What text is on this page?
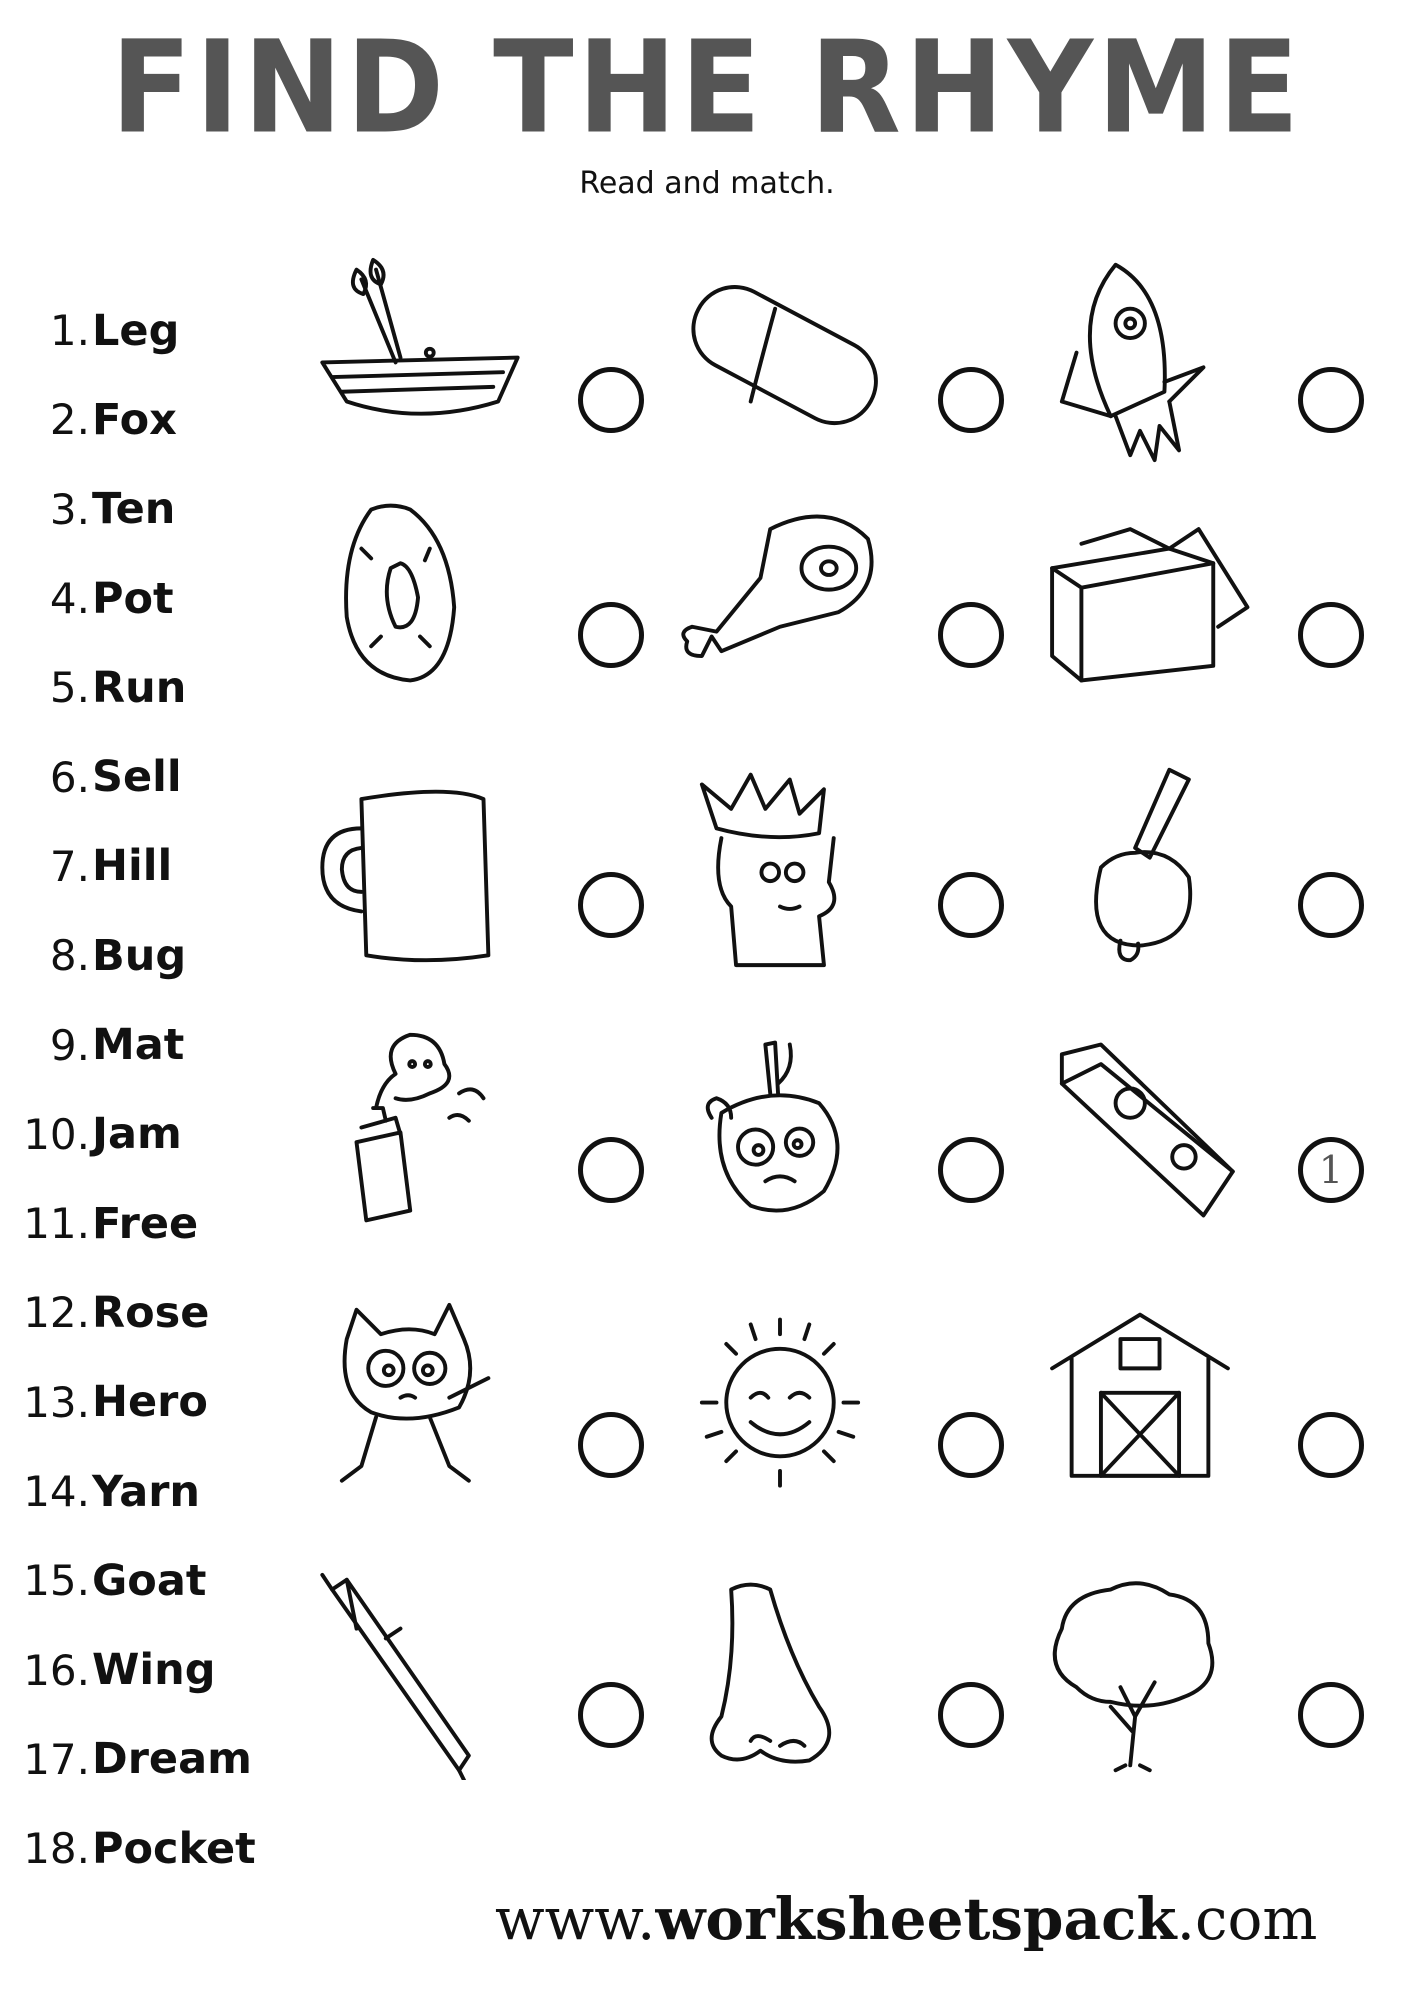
FIND THE RHYME
Read and match.
1. Leg
2. Fox
3. Ten
4. Pot
5. Run
6. Sell
7. Hill
8. Bug
9. Mat
10. Jam
11. Free
12. Rose
13. Hero
14. Yarn
15. Goat
16. Wing
17. Dream
18. Pocket
1
www.worksheetspack.com
